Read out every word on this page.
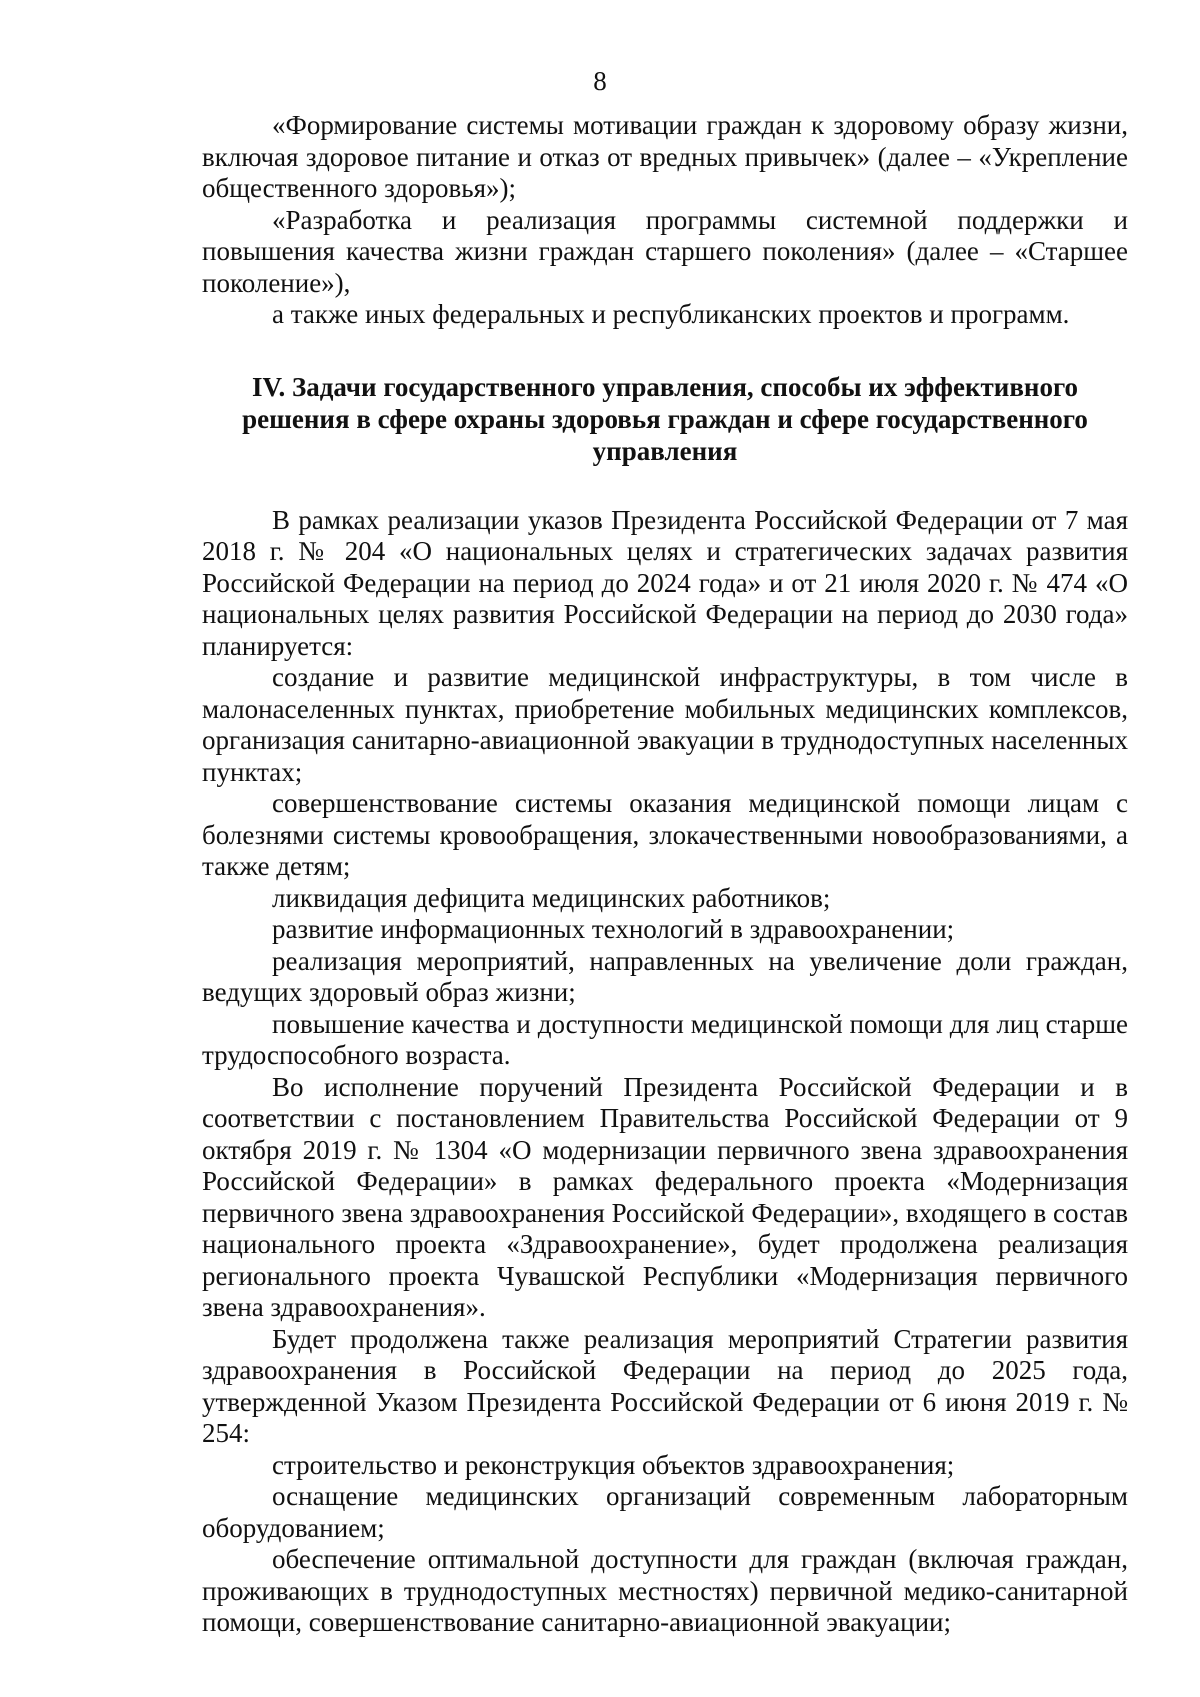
8

«Формирование системы мотивации граждан к здоровому образу жизни, включая здоровое питание и отказ от вредных привычек» (далее – «Укрепление общественного здоровья»);

«Разработка и реализация программы системной поддержки и повышения качества жизни граждан старшего поколения» (далее – «Старшее поколение»),

а также иных федеральных и республиканских проектов и программ.

IV. Задачи государственного управления, способы их эффективного решения в сфере охраны здоровья граждан и сфере государственного управления

В рамках реализации указов Президента Российской Федерации от 7 мая 2018 г. № 204 «О национальных целях и стратегических задачах развития Российской Федерации на период до 2024 года» и от 21 июля 2020 г. № 474 «О национальных целях развития Российской Федерации на период до 2030 года» планируется:

создание и развитие медицинской инфраструктуры, в том числе в малонаселенных пунктах, приобретение мобильных медицинских комплексов, организация санитарно-авиационной эвакуации в труднодоступных населенных пунктах;

совершенствование системы оказания медицинской помощи лицам с болезнями системы кровообращения, злокачественными новообразованиями, а также детям;

ликвидация дефицита медицинских работников;

развитие информационных технологий в здравоохранении;

реализация мероприятий, направленных на увеличение доли граждан, ведущих здоровый образ жизни;

повышение качества и доступности медицинской помощи для лиц старше трудоспособного возраста.

Во исполнение поручений Президента Российской Федерации и в соответствии с постановлением Правительства Российской Федерации от 9 октября 2019 г. № 1304 «О модернизации первичного звена здравоохранения Российской Федерации» в рамках федерального проекта «Модернизация первичного звена здравоохранения Российской Федерации», входящего в состав национального проекта «Здравоохранение», будет продолжена реализация регионального проекта Чувашской Республики «Модернизация первичного звена здравоохранения».

Будет продолжена также реализация мероприятий Стратегии развития здравоохранения в Российской Федерации на период до 2025 года, утвержденной Указом Президента Российской Федерации от 6 июня 2019 г. № 254:

строительство и реконструкция объектов здравоохранения;

оснащение медицинских организаций современным лабораторным оборудованием;

обеспечение оптимальной доступности для граждан (включая граждан, проживающих в труднодоступных местностях) первичной медико-санитарной помощи, совершенствование санитарно-авиационной эвакуации;
